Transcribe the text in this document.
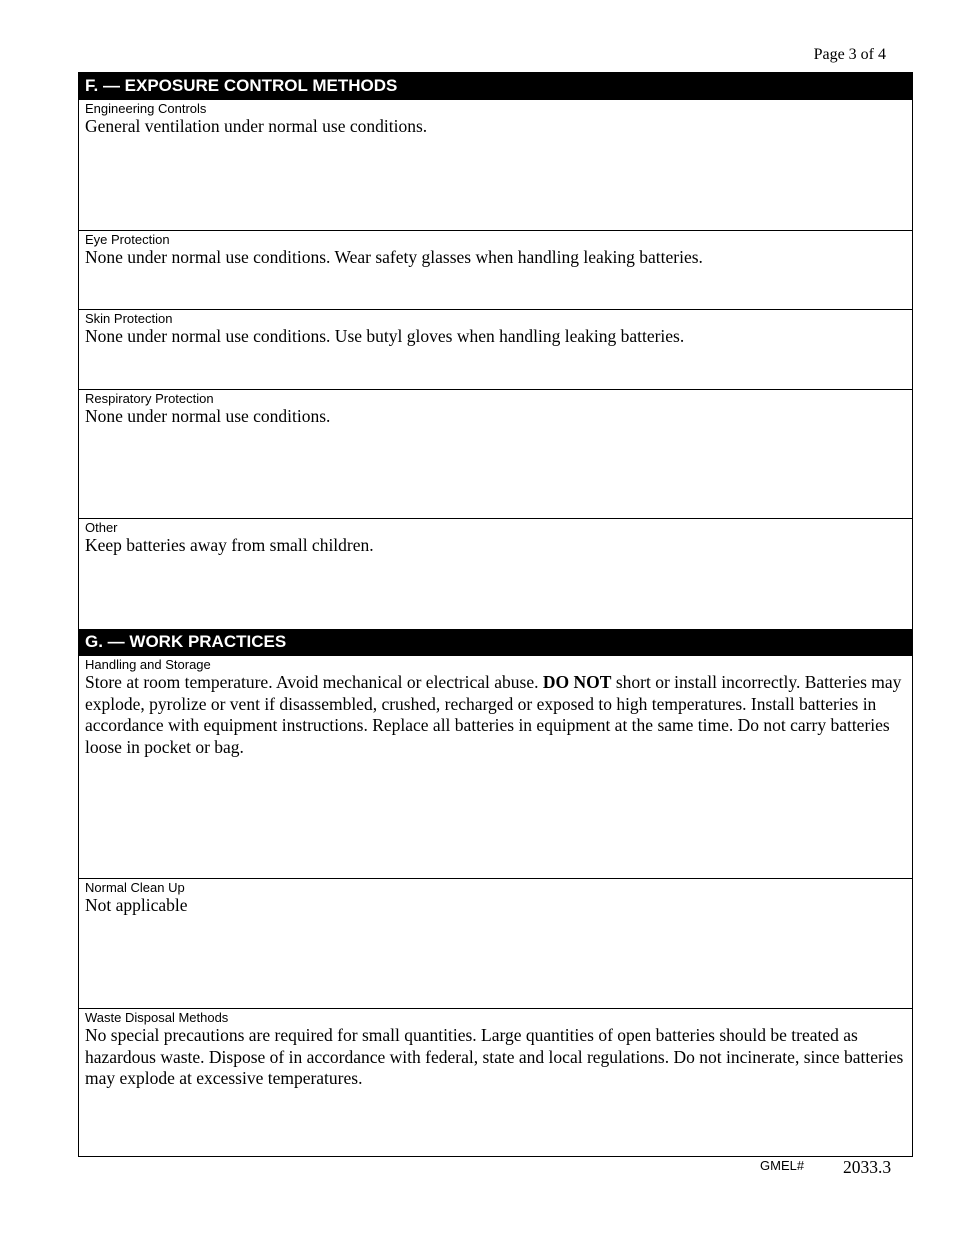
Page 3 of 4
F. — EXPOSURE CONTROL METHODS
Engineering Controls
General ventilation under normal use conditions.
Eye Protection
None under normal use conditions. Wear safety glasses when handling leaking batteries.
Skin Protection
None under normal use conditions. Use butyl gloves when handling leaking batteries.
Respiratory Protection
None under normal use conditions.
Other
Keep batteries away from small children.
G. — WORK PRACTICES
Handling and Storage
Store at room temperature. Avoid mechanical or electrical abuse. DO NOT short or install incorrectly. Batteries may explode, pyrolize or vent if disassembled, crushed, recharged or exposed to high temperatures. Install batteries in accordance with equipment instructions. Replace all batteries in equipment at the same time. Do not carry batteries loose in pocket or bag.
Normal Clean Up
Not applicable
Waste Disposal Methods
No special precautions are required for small quantities. Large quantities of open batteries should be treated as hazardous waste. Dispose of in accordance with federal, state and local regulations. Do not incinerate, since batteries may explode at excessive temperatures.
GMEL# 2033.3
